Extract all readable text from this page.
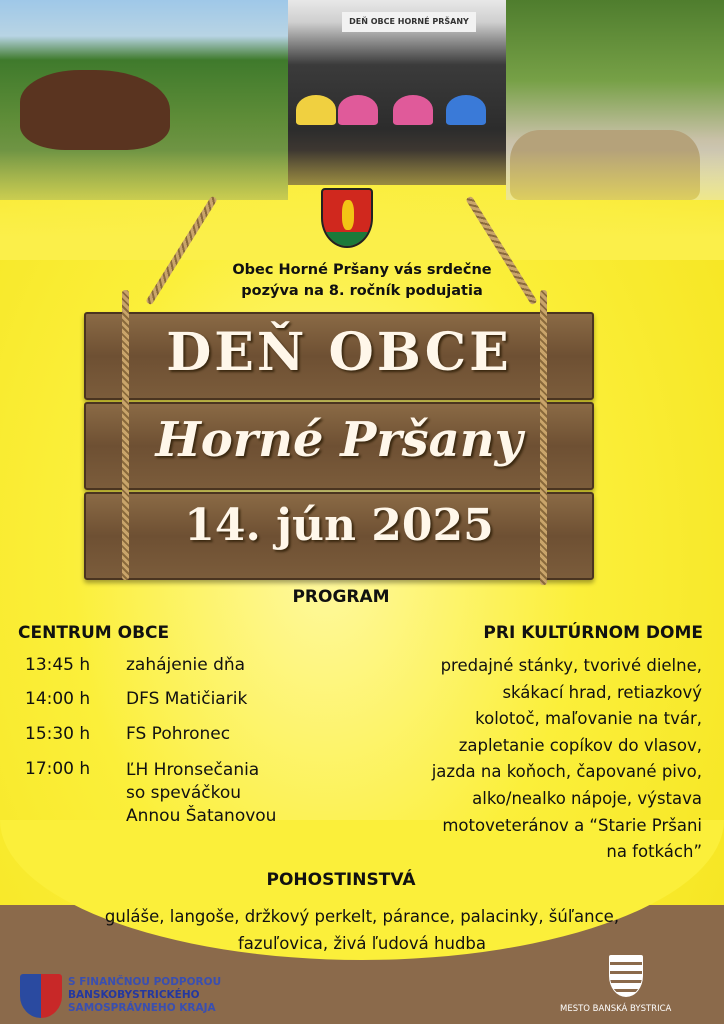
DEŇ OBCE HORNÉ PRŠANY
Obec Horné Pršany vás srdečne
pozýva na 8. ročník podujatia
DEŇ OBCE
Horné Pršany
14. jún 2025
PROGRAM
CENTRUM OBCE	PRI KULTÚRNOM DOME
13:45 h zahájenie dňa
14:00 h DFS Matičiarik
15:30 h FS Pohronec
17:00 h ĽH Hronsečania
so speváčkou
Annou Šatanovou
predajné stánky, tvorivé dielne,
skákací hrad, retiazkový
kolotoč, maľovanie na tvár,
zapletanie copíkov do vlasov,
jazda na koňoch, čapované pivo,
alko/nealko nápoje, výstava
motoveteránov a “Starie Pršani
na fotkách”
POHOSTINSTVÁ
guláše, langoše, držkový perkelt, párance, palacinky, šúľance,
fazuľovica, živá ľudová hudba
S FINANČNOU PODPOROU
BANSKOBYSTRICKÉHO
SAMOSPRÁVNEHO KRAJA	MESTO BANSKÁ BYSTRICA
